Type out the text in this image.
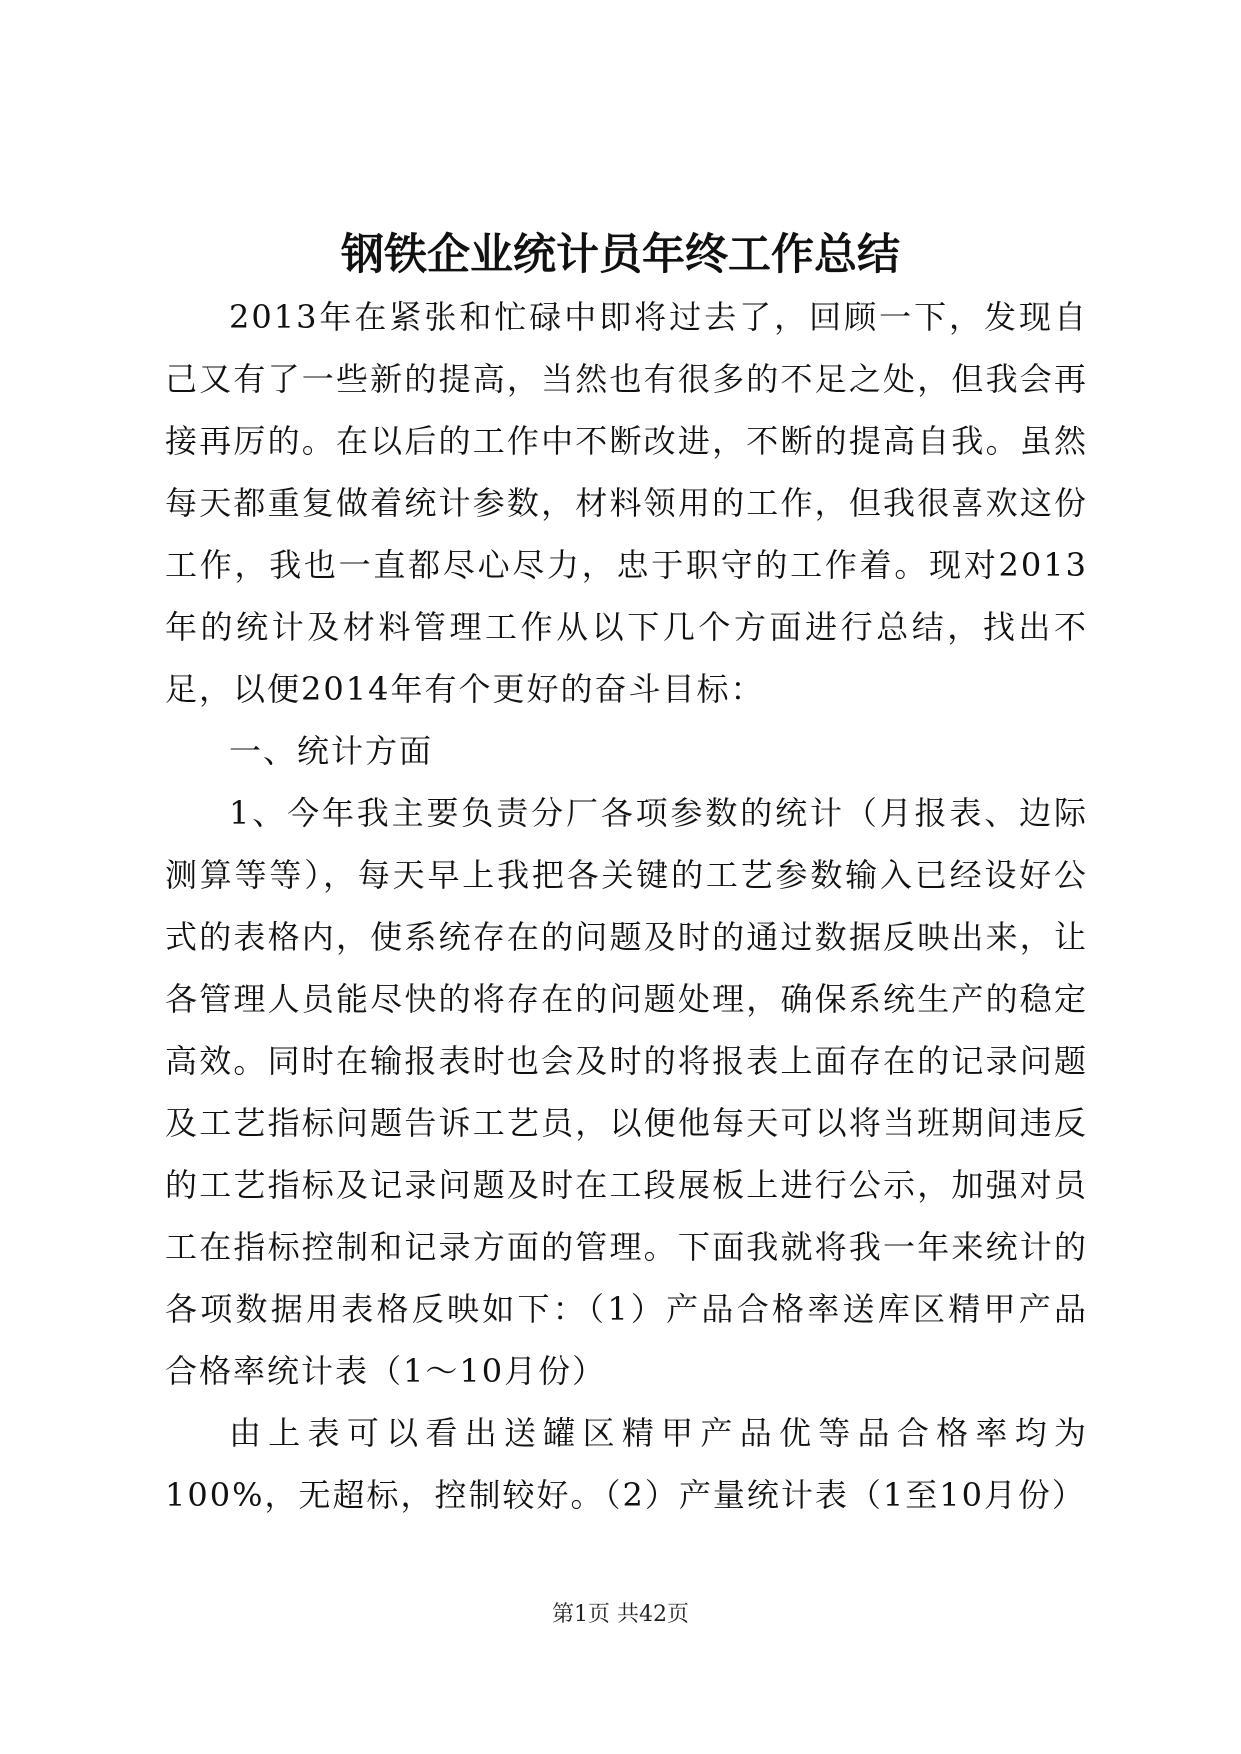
钢铁企业统计员年终工作总结

2013年在紧张和忙碌中即将过去了，回顾一下，发现自己又有了一些新的提高，当然也有很多的不足之处，但我会再接再厉的。在以后的工作中不断改进，不断的提高自我。虽然每天都重复做着统计参数，材料领用的工作，但我很喜欢这份工作，我也一直都尽心尽力，忠于职守的工作着。现对2013年的统计及材料管理工作从以下几个方面进行总结，找出不足，以便2014年有个更好的奋斗目标：

一、统计方面

1、今年我主要负责分厂各项参数的统计（月报表、边际测算等等），每天早上我把各关键的工艺参数输入已经设好公式的表格内，使系统存在的问题及时的通过数据反映出来，让各管理人员能尽快的将存在的问题处理，确保系统生产的稳定高效。同时在输报表时也会及时的将报表上面存在的记录问题及工艺指标问题告诉工艺员，以便他每天可以将当班期间违反的工艺指标及记录问题及时在工段展板上进行公示，加强对员工在指标控制和记录方面的管理。下面我就将我一年来统计的各项数据用表格反映如下：（1）产品合格率送库区精甲产品合格率统计表（1～10月份）

由上表可以看出送罐区精甲产品优等品合格率均为100%，无超标，控制较好。（2）产量统计表（1至10月份）

第1页 共42页
